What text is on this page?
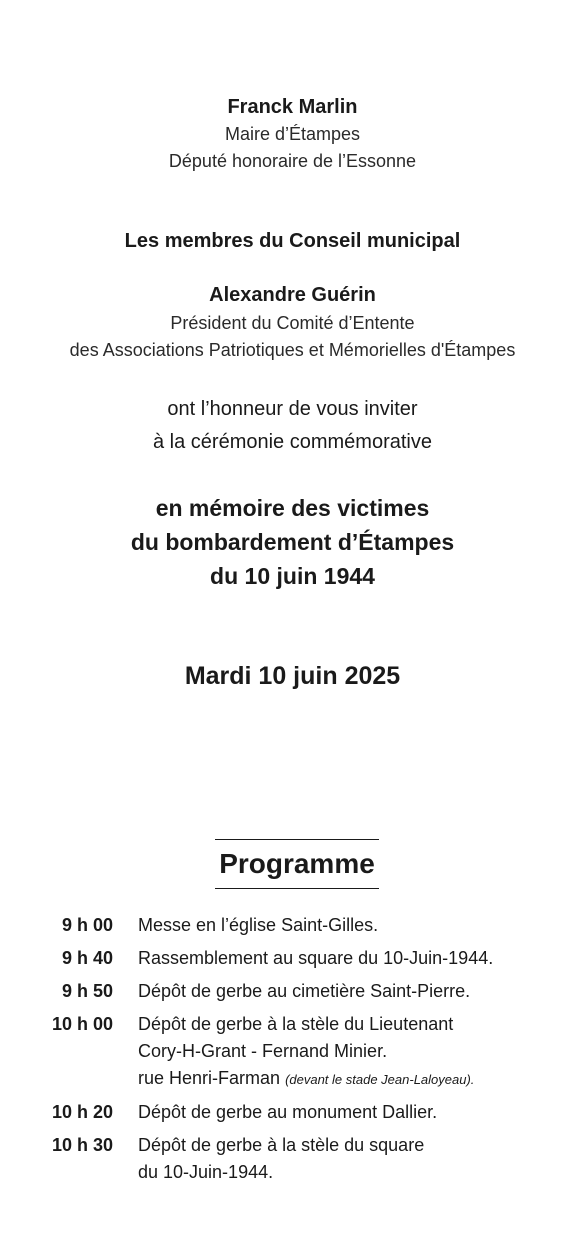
Franck Marlin
Maire d’Étampes
Député honoraire de l’Essonne
Les membres du Conseil municipal
Alexandre Guérin
Président du Comité d’Entente
des Associations Patriotiques et Mémorielles d'Étampes
ont l’honneur de vous inviter
à la cérémonie commémorative
en mémoire des victimes
du bombardement d’Étampes
du 10 juin 1944
Mardi 10 juin 2025
Programme
9 h 00 Messe en l’église Saint-Gilles.
9 h 40 Rassemblement au square du 10-Juin-1944.
9 h 50 Dépôt de gerbe au cimetière Saint-Pierre.
10 h 00 Dépôt de gerbe à la stèle du Lieutenant
Cory-H-Grant - Fernand Minier.
rue Henri-Farman (devant le stade Jean-Laloyeau).
10 h 20 Dépôt de gerbe au monument Dallier.
10 h 30 Dépôt de gerbe à la stèle du square
du 10-Juin-1944.
